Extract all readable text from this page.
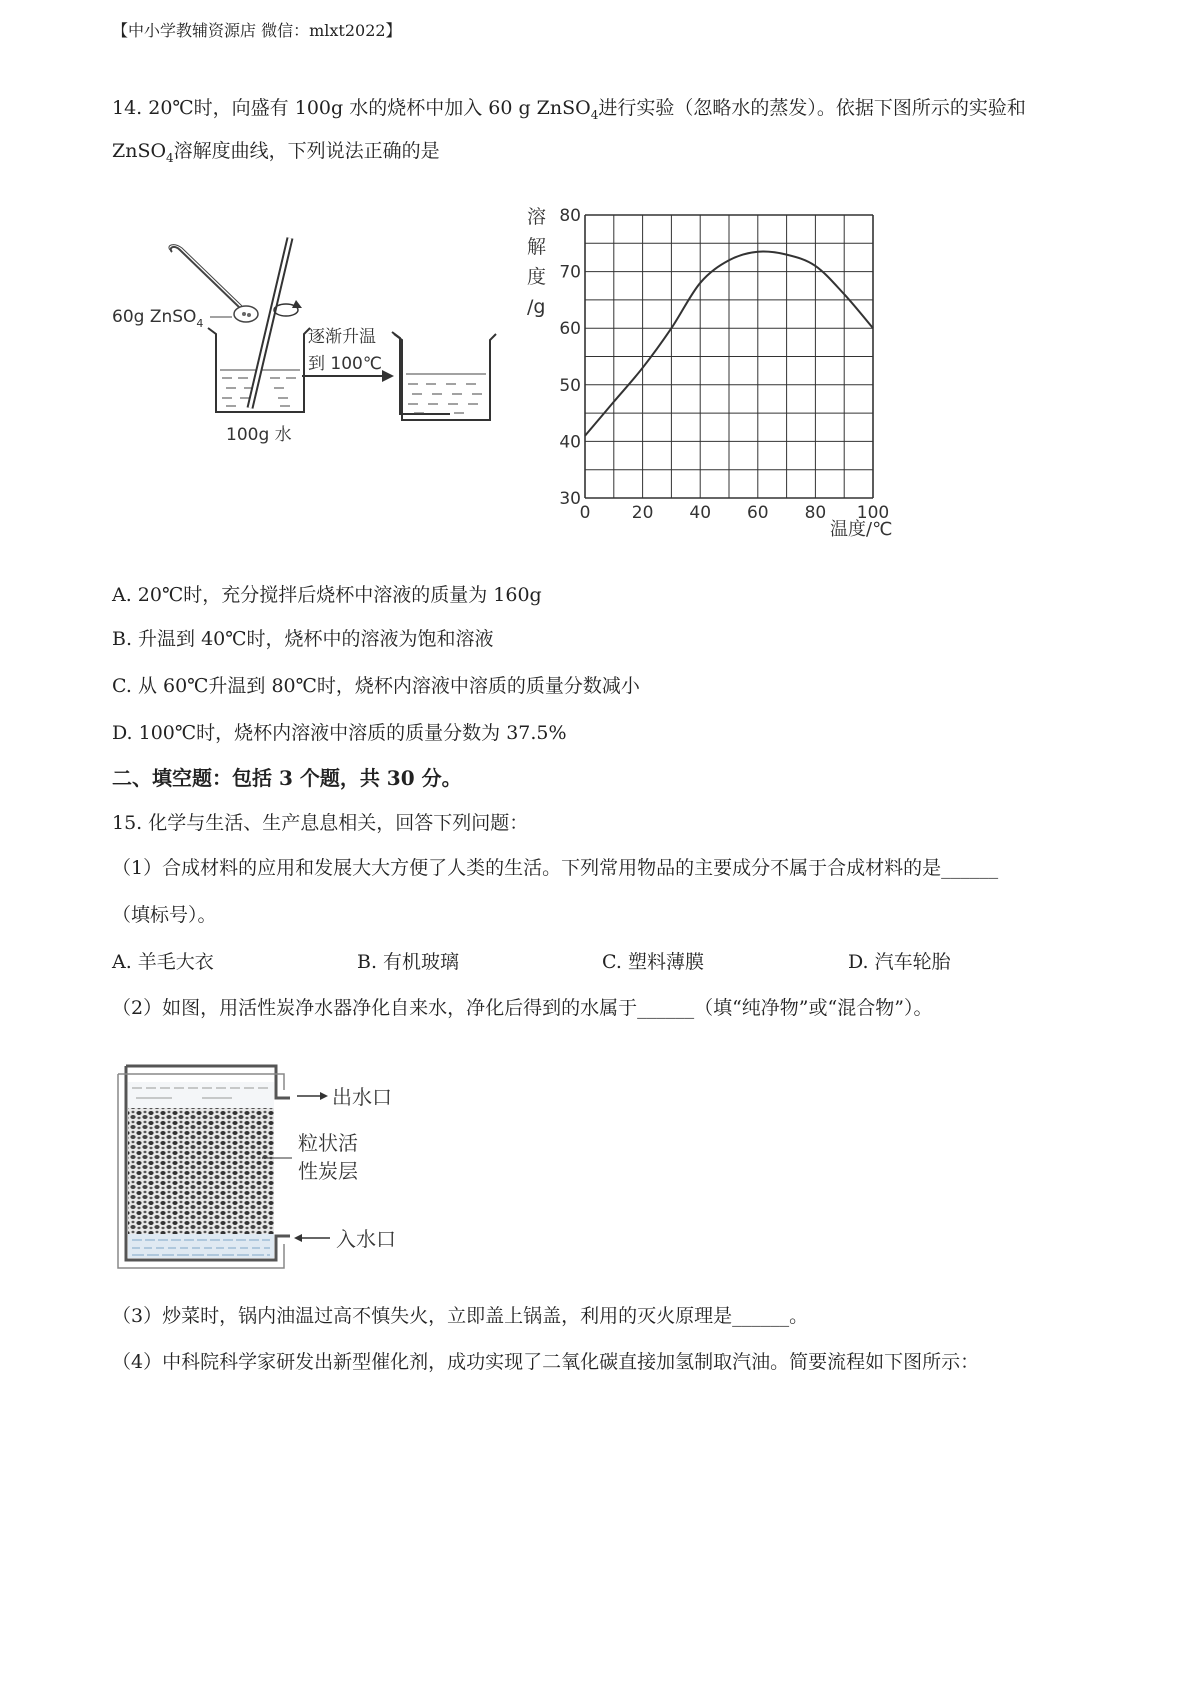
【中小学教辅资源店 微信：mlxt2022】
14. 20℃时，向盛有 100g 水的烧杯中加入 60 g ZnSO$_4$进行实验（忽略水的蒸发）。依据下图所示的实验和
ZnSO$_4$溶解度曲线，下列说法正确的是
60g ZnSO$_4$
100g 水
逐渐升温
到 100℃
溶
解
度
/g
30
40
50
60
70
80
0 20 40 60 80 100
温度/℃
A. 20℃时，充分搅拌后烧杯中溶液的质量为 160g
B. 升温到 40℃时，烧杯中的溶液为饱和溶液
C. 从 60℃升温到 80℃时，烧杯内溶液中溶质的质量分数减小
D. 100℃时，烧杯内溶液中溶质的质量分数为 37.5%
二、填空题：包括 3 个题，共 30 分。
15. 化学与生活、生产息息相关，回答下列问题：
（1）合成材料的应用和发展大大方便了人类的生活。下列常用物品的主要成分不属于合成材料的是______
（填标号）。
A. 羊毛大衣	B. 有机玻璃	C. 塑料薄膜	D. 汽车轮胎
（2）如图，用活性炭净水器净化自来水，净化后得到的水属于______（填“纯净物”或“混合物”）。
出水口
粒状活
性炭层
入水口
（3）炒菜时，锅内油温过高不慎失火，立即盖上锅盖，利用的灭火原理是______。
（4）中科院科学家研发出新型催化剂，成功实现了二氧化碳直接加氢制取汽油。简要流程如下图所示：
